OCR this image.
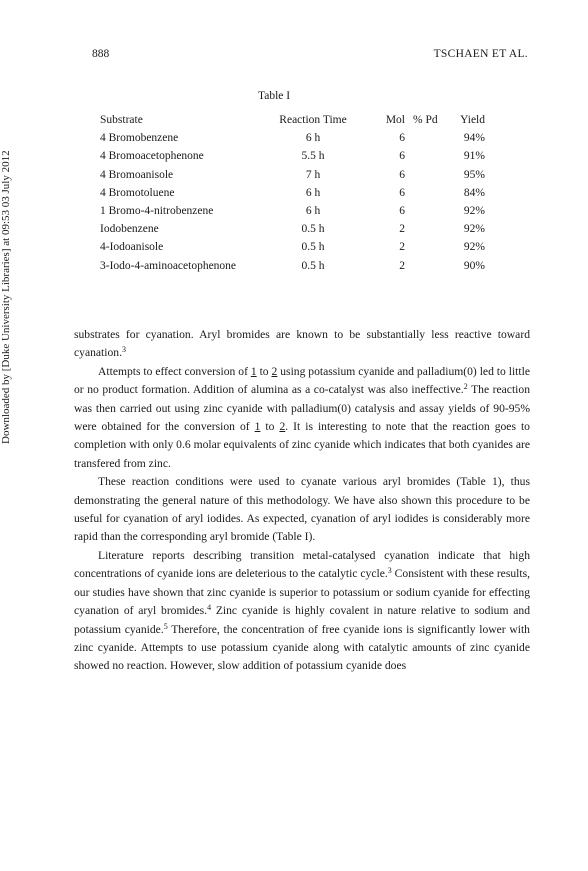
888	TSCHAEN ET AL.
Downloaded by [Duke University Libraries] at 09:53 03 July 2012
Table I
Substrate	Reaction Time	Mol	% Pd	Yield
4 Bromobenzene	6 h	6		94%
4 Bromoacetophenone	5.5 h	6		91%
4 Bromoanisole	7 h	6		95%
4 Bromotoluene	6 h	6		84%
1 Bromo-4-nitrobenzene	6 h	6		92%
Iodobenzene	0.5 h	2		92%
4-Iodoanisole	0.5 h	2		92%
3-Iodo-4-aminoacetophenone	0.5 h	2		90%

substrates for cyanation. Aryl bromides are known to be substantially less reactive toward cyanation.$^3$

Attempts to effect conversion of 1 to 2 using potassium cyanide and palladium(0) led to little or no product formation. Addition of alumina as a co-catalyst was also ineffective.$^2$ The reaction was then carried out using zinc cyanide with palladium(0) catalysis and assay yields of 90-95% were obtained for the conversion of 1 to 2. It is interesting to note that the reaction goes to completion with only 0.6 molar equivalents of zinc cyanide which indicates that both cyanides are transfered from zinc.

These reaction conditions were used to cyanate various aryl bromides (Table 1), thus demonstrating the general nature of this methodology. We have also shown this procedure to be useful for cyanation of aryl iodides. As expected, cyanation of aryl iodides is considerably more rapid than the corresponding aryl bromide (Table I).

Literature reports describing transition metal-catalysed cyanation indicate that high concentrations of cyanide ions are deleterious to the catalytic cycle.$^3$ Consistent with these results, our studies have shown that zinc cyanide is superior to potassium or sodium cyanide for effecting cyanation of aryl bromides.$^4$ Zinc cyanide is highly covalent in nature relative to sodium and potassium cyanide.$^5$ Therefore, the concentration of free cyanide ions is significantly lower with zinc cyanide. Attempts to use potassium cyanide along with catalytic amounts of zinc cyanide showed no reaction. However, slow addition of potassium cyanide does
